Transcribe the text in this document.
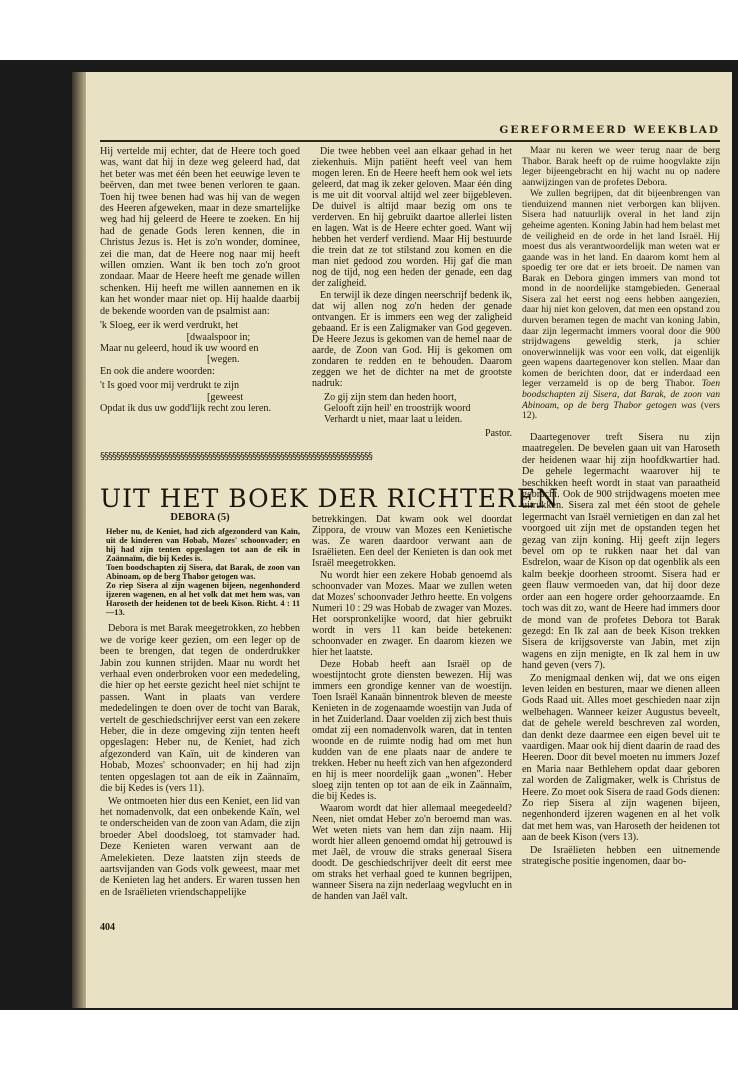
GEREFORMEERD WEEKBLAD

Hij vertelde mij echter, dat de Heere toch goed was, want dat hij in deze weg geleerd had, dat het beter was met één been het eeuwige leven te beërven, dan met twee benen verloren te gaan. Toen hij twee benen had was hij van de wegen des Heeren afgeweken, maar in deze smartelijke weg had hij geleerd de Heere te zoeken. En hij had de genade Gods leren kennen, die in Christus Jezus is. Het is zo'n wonder, dominee, zei die man, dat de Heere nog naar mij heeft willen omzien. Want ik ben toch zo'n groot zondaar. Maar de Heere heeft me genade willen schenken. Hij heeft me willen aannemen en ik kan het wonder maar niet op. Hij haalde daarbij de bekende woorden van de psalmist aan:

'k Sloeg, eer ik werd verdrukt, het
[dwaalspoor in;
Maar nu geleerd, houd ik uw woord en
[wegen.
En ook die andere woorden:
't Is goed voor mij verdrukt te zijn
[geweest
Opdat ik dus uw godd'lijk recht zou leren.

Die twee hebben veel aan elkaar gehad in het ziekenhuis. Mijn patiënt heeft veel van hem mogen leren. En de Heere heeft hem ook wel iets geleerd, dat mag ik zeker geloven. Maar één ding is me uit dit voorval altijd wel zeer bijgebleven. De duivel is altijd maar bezig om ons te verderven. En hij gebruikt daartoe allerlei listen en lagen. Wat is de Heere echter goed. Want wij hebben het verderf verdiend. Maar Hij bestuurde die trein dat ze tot stilstand zou komen en die man niet gedood zou worden. Hij gaf die man nog de tijd, nog een heden der genade, een dag der zaligheid.

En terwijl ik deze dingen neerschrijf bedenk ik, dat wij allen nog zo'n heden der genade ontvangen. Er is immers een weg der zaligheid gebaand. Er is een Zaligmaker van God gegeven. De Heere Jezus is gekomen van de hemel naar de aarde, de Zoon van God. Hij is gekomen om zondaren te redden en te behouden. Daarom zeggen we het de dichter na met de grootste nadruk:

Zo gij zijn stem dan heden hoort,
Gelooft zijn heil' en troostrijk woord
Verhardt u niet, maar laat u leiden.
Pastor.

Maar nu keren we weer terug naar de berg Thabor. Barak heeft op de ruime hoogvlakte zijn leger bijeengebracht en hij wacht nu op nadere aanwijzingen van de profetes Debora.

We zullen begrijpen, dat dit bijeenbrengen van tienduizend mannen niet verborgen kan blijven. Sisera had natuurlijk overal in het land zijn geheime agenten. Koning Jabin had hem belast met de veiligheid en de orde in het land Israël. Hij moest dus als verantwoordelijk man weten wat er gaande was in het land. En daarom komt hem al spoedig ter ore dat er iets broeit. De namen van Barak en Debora gingen immers van mond tot mond in de noordelijke stamgebieden. Generaal Sisera zal het eerst nog eens hebben aangezien, daar hij niet kon geloven, dat men een opstand zou durven beramen tegen de macht van koning Jabin, daar zijn legermacht immers vooral door die 900 strijdwagens geweldig sterk, ja schier onoverwinnelijk was voor een volk, dat eigenlijk geen wapens daartegenover kon stellen. Maar dan komen de berichten door, dat er inderdaad een leger verzameld is op de berg Thabor. Toen boodschapten zij Sisera, dat Barak, de zoon van Abinoam, op de berg Thabor getogen was (vers 12).

§§§§§§§§§§§§§§§§§§§§§§§§§§§§§§§§§§§§§§§§§§§§§§§§§§§§§§§§§§§§§§§§§§§§
UIT HET BOEK DER RICHTEREN
DEBORA (5)
Heber nu, de Keniet, had zich afgezonderd van Kaïn, uit de kinderen van Hobab, Mozes' schoonvader; en hij had zijn tenten opgeslagen tot aan de eik in Zaännaïm, die bij Kedes is.
Toen boodschapten zij Sisera, dat Barak, de zoon van Abinoam, op de berg Thabor getogen was.
Zo riep Sisera al zijn wagenen bijeen, negenhonderd ijzeren wagenen, en al het volk dat met hem was, van Haroseth der heidenen tot de beek Kison. Richt. 4 : 11—13.

Debora is met Barak meegetrokken, zo hebben we de vorige keer gezien, om een leger op de been te brengen, dat tegen de onderdrukker Jabin zou kunnen strijden. Maar nu wordt het verhaal even onderbroken voor een mededeling, die hier op het eerste gezicht heel niet schijnt te passen. Want in plaats van verdere mededelingen te doen over de tocht van Barak, vertelt de geschiedschrijver eerst van een zekere Heber, die in deze omgeving zijn tenten heeft opgeslagen: Heber nu, de Keniet, had zich afgezonderd van Kaïn, uit de kinderen van Hobab, Mozes' schoonvader; en hij had zijn tenten opgeslagen tot aan de eik in Zaännaïm, die bij Kedes is (vers 11).

We ontmoeten hier dus een Keniet, een lid van het nomadenvolk, dat een onbekende Kaïn, wel te onderscheiden van de zoon van Adam, die zijn broeder Abel doodsloeg, tot stamvader had. Deze Kenieten waren verwant aan de Amelekieten. Deze laatsten zijn steeds de aartsvijanden van Gods volk geweest, maar met de Kenieten lag het anders. Er waren tussen hen en de Israëlieten vriendschappelijke

betrekkingen. Dat kwam ook wel doordat Zippora, de vrouw van Mozes een Kenietische was. Ze waren daardoor verwant aan de Israëlieten. Een deel der Kenieten is dan ook met Israël meegetrokken.

Nu wordt hier een zekere Hobab genoemd als schoonvader van Mozes. Maar we zullen weten dat Mozes' schoonvader Jethro heette. En volgens Numeri 10 : 29 was Hobab de zwager van Mozes. Het oorspronkelijke woord, dat hier gebruikt wordt in vers 11 kan beide betekenen: schoonvader en zwager. En daarom kiezen we hier het laatste.

Deze Hobab heeft aan Israël op de woestijntocht grote diensten bewezen. Hij was immers een grondige kenner van de woestijn. Toen Israël Kanaän binnentrok bleven de meeste Kenieten in de zogenaamde woestijn van Juda of in het Zuiderland. Daar voelden zij zich best thuis omdat zij een nomadenvolk waren, dat in tenten woonde en de ruimte nodig had om met hun kudden van de ene plaats naar de andere te trekken. Heber nu heeft zich van hen afgezonderd en hij is meer noordelijk gaan „wonen". Heber sloeg zijn tenten op tot aan de eik in Zaännaïm, die bij Kedes is.

Waarom wordt dat hier allemaal meegedeeld? Neen, niet omdat Heber zo'n beroemd man was. Wet weten niets van hem dan zijn naam. Hij wordt hier alleen genoemd omdat hij getrouwd is met Jaël, de vrouw die straks generaal Sisera doodt. De geschiedschrijver deelt dit eerst mee om straks het verhaal goed te kunnen begrijpen, wanneer Sisera na zijn nederlaag wegvlucht en in de handen van Jaël valt.

Daartegenover treft Sisera nu zijn maatregelen. De bevelen gaan uit van Haroseth der heidenen waar hij zijn hoofdkwartier had. De gehele legermacht waarover hij te beschikken heeft wordt in staat van paraatheid gebracht. Ook de 900 strijdwagens moeten mee uitrukken. Sisera zal met één stoot de gehele legermacht van Israël vernietigen en dan zal het voorgoed uit zijn met de opstanden tegen het gezag van zijn koning. Hij geeft zijn legers bevel om op te rukken naar het dal van Esdrelon, waar de Kison op dat ogenblik als een kalm beekje doorheen stroomt. Sisera had er geen flauw vermoeden van, dat hij door deze order aan een hogere order gehoorzaamde. En toch was dit zo, want de Heere had immers door de mond van de profetes Debora tot Barak gezegd: En Ik zal aan de beek Kison trekken Sisera de krijgsoverste van Jabin, met zijn wagens en zijn menigte, en Ik zal hem in uw hand geven (vers 7).

Zo menigmaal denken wij, dat we ons eigen leven leiden en besturen, maar we dienen alleen Gods Raad uit. Alles moet geschieden naar zijn welbehagen. Wanneer keizer Augustus beveelt, dat de gehele wereld beschreven zal worden, dan denkt deze daarmee een eigen bevel uit te vaardigen. Maar ook hij dient daarin de raad des Heeren. Door dit bevel moeten nu immers Jozef en Maria naar Bethlehem opdat daar geboren zal worden de Zaligmaker, welk is Christus de Heere. Zo moet ook Sisera de raad Gods dienen: Zo riep Sisera al zijn wagenen bijeen, negenhonderd ijzeren wagenen en al het volk dat met hem was, van Haroseth der heidenen tot aan de beek Kison (vers 13).

De Israëlieten hebben een uitnemende strategische positie ingenomen, daar bo-

404
